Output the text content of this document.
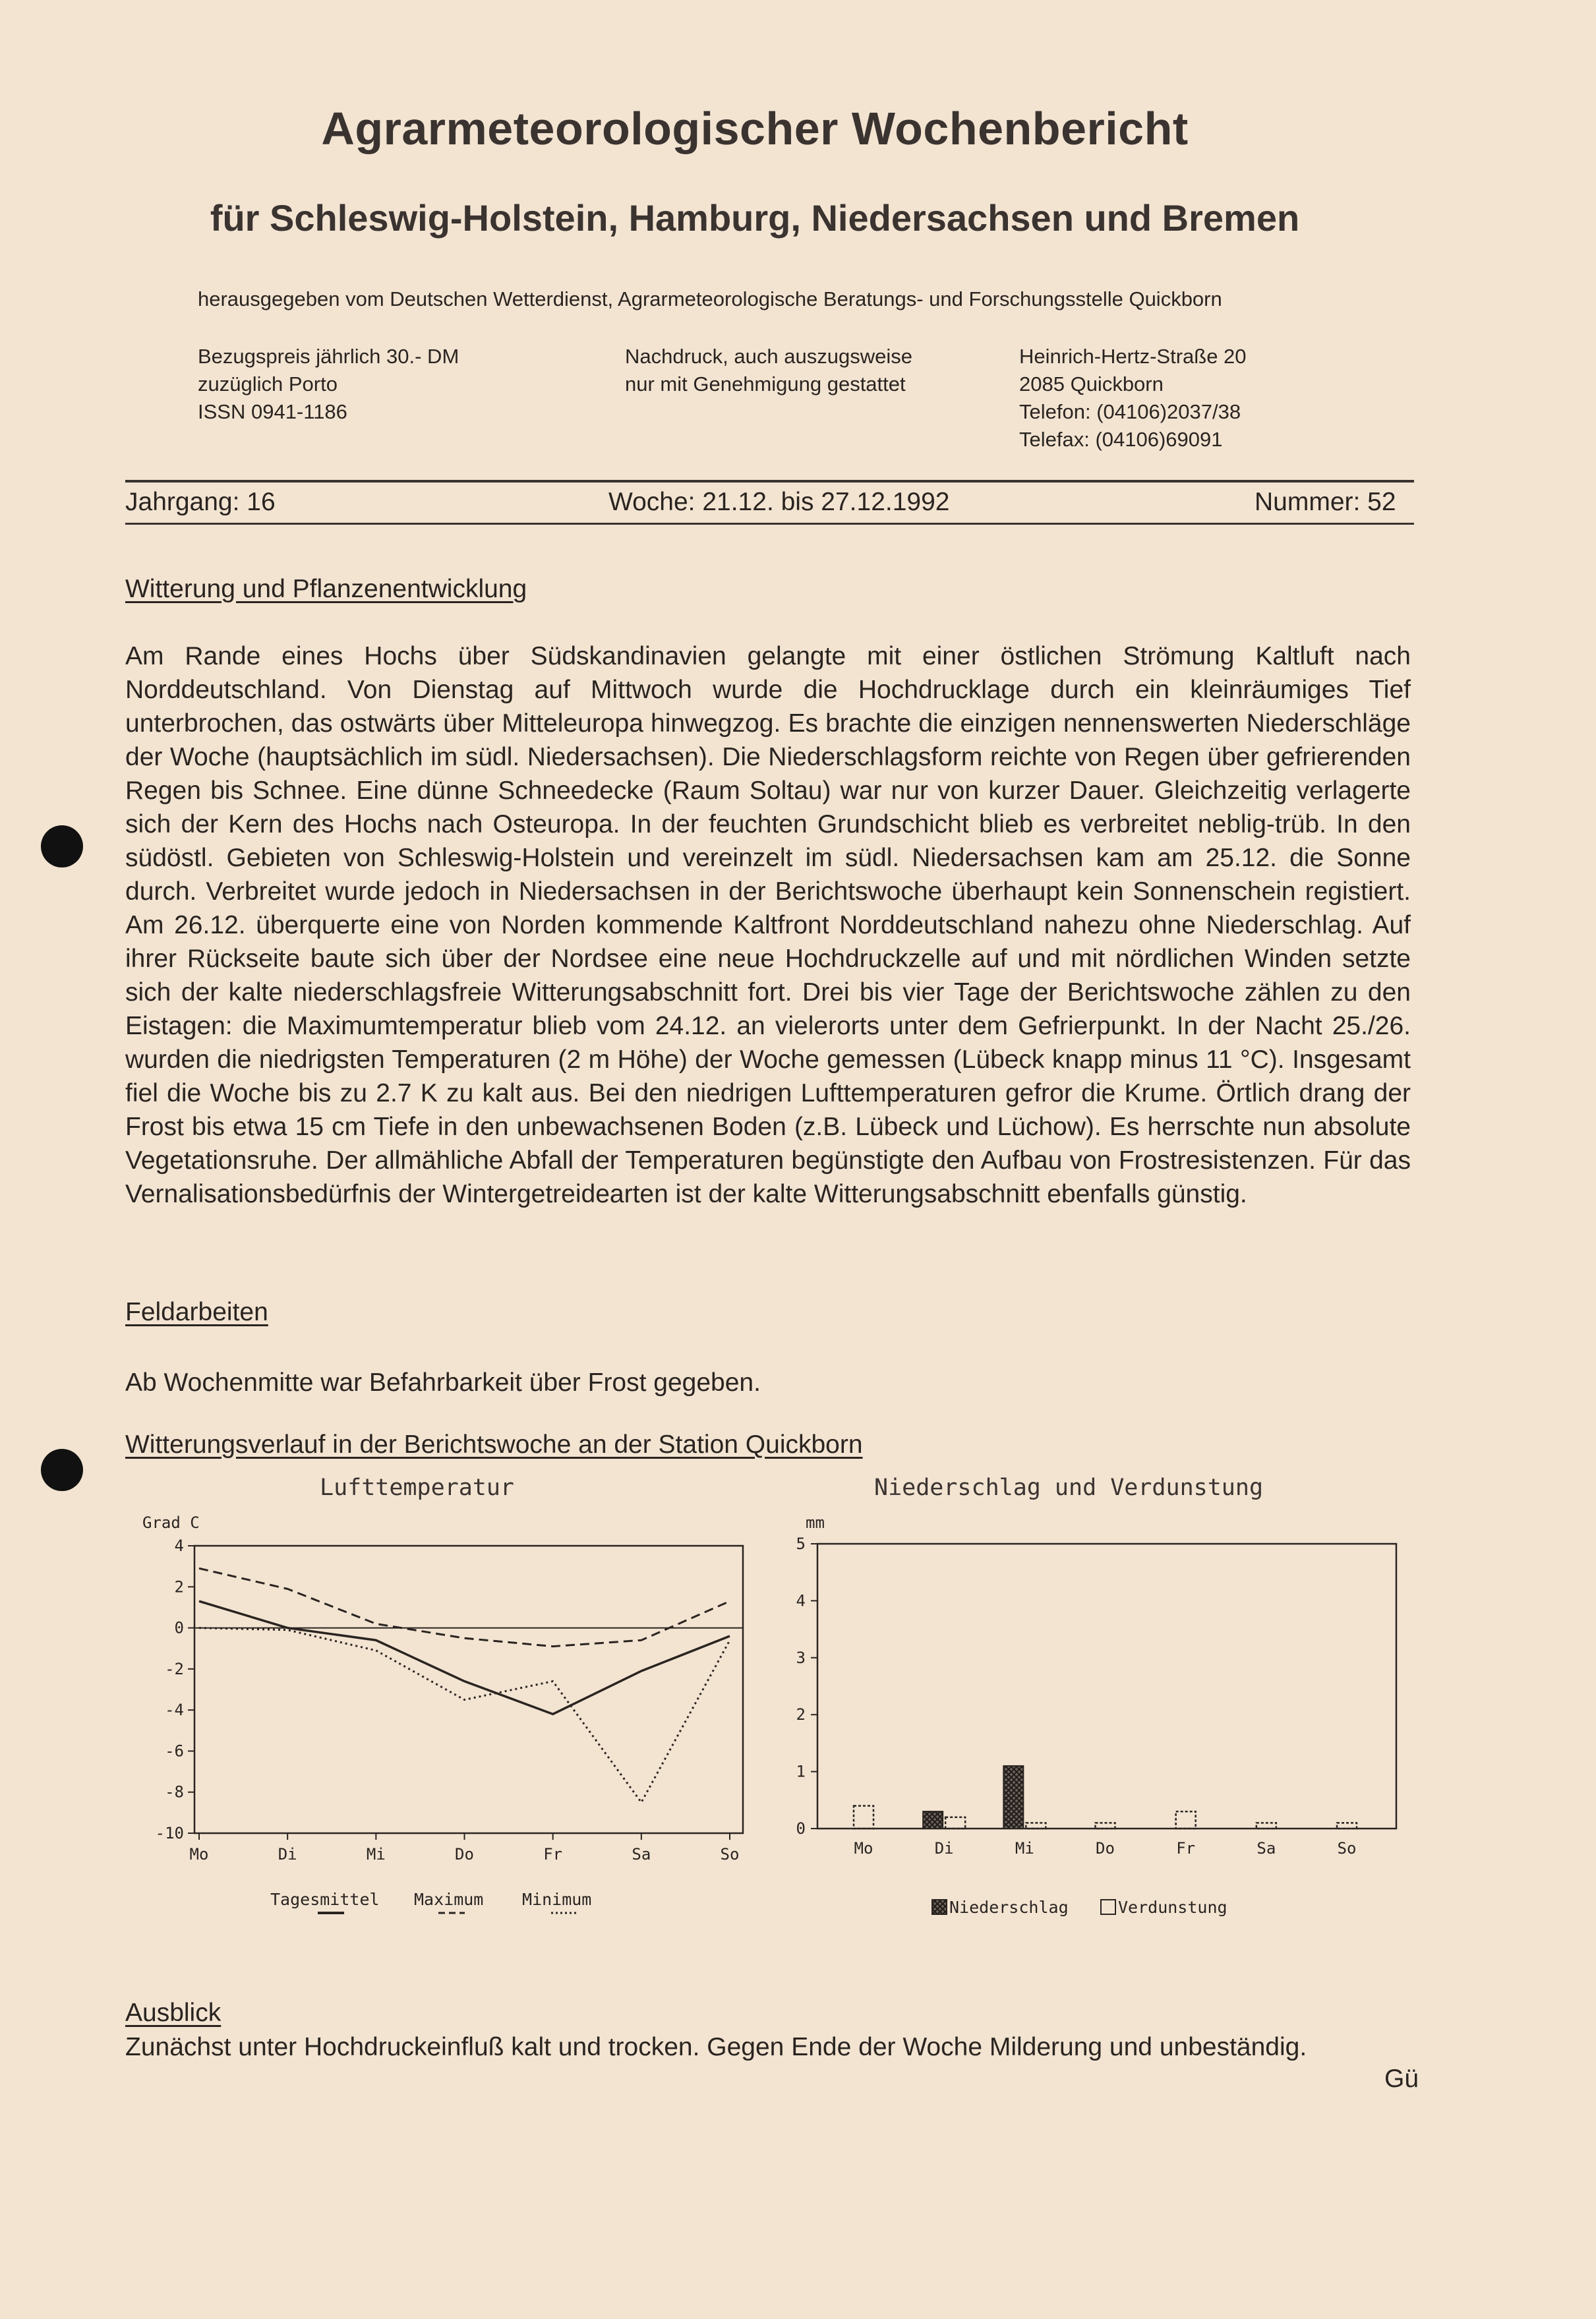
Agrarmeteorologischer Wochenbericht
für Schleswig-Holstein, Hamburg, Niedersachsen und Bremen
herausgegeben vom Deutschen Wetterdienst, Agrarmeteorologische Beratungs- und Forschungsstelle Quickborn
Bezugspreis jährlich 30.- DM
zuzüglich Porto
ISSN 0941-1186
Nachdruck, auch auszugsweise
nur mit Genehmigung gestattet
Heinrich-Hertz-Straße 20
2085 Quickborn
Telefon: (04106)2037/38
Telefax: (04106)69091
Jahrgang: 16	Woche: 21.12. bis 27.12.1992	Nummer: 52
Witterung und Pflanzenentwicklung
Am Rande eines Hochs über Südskandinavien gelangte mit einer östlichen Strömung Kaltluft nach Norddeutschland. Von Dienstag auf Mittwoch wurde die Hochdrucklage durch ein kleinräumiges Tief unterbrochen, das ostwärts über Mitteleuropa hinwegzog. Es brachte die einzigen nennenswerten Niederschläge der Woche (hauptsächlich im südl. Niedersachsen). Die Niederschlagsform reichte von Regen über gefrierenden Regen bis Schnee. Eine dünne Schneedecke (Raum Soltau) war nur von kurzer Dauer. Gleichzeitig verlagerte sich der Kern des Hochs nach Osteuropa. In der feuchten Grundschicht blieb es verbreitet neblig-trüb. In den südöstl. Gebieten von Schleswig-Holstein und vereinzelt im südl. Niedersachsen kam am 25.12. die Sonne durch. Verbreitet wurde jedoch in Niedersachsen in der Berichtswoche überhaupt kein Sonnenschein registiert. Am 26.12. überquerte eine von Norden kommende Kaltfront Norddeutschland nahezu ohne Niederschlag. Auf ihrer Rückseite baute sich über der Nordsee eine neue Hochdruckzelle auf und mit nördlichen Winden setzte sich der kalte niederschlagsfreie Witterungsabschnitt fort. Drei bis vier Tage der Berichtswoche zählen zu den Eistagen: die Maximumtemperatur blieb vom 24.12. an vielerorts unter dem Gefrierpunkt. In der Nacht 25./26. wurden die niedrigsten Temperaturen (2 m Höhe) der Woche gemessen (Lübeck knapp minus 11 °C). Insgesamt fiel die Woche bis zu 2.7 K zu kalt aus. Bei den niedrigen Lufttemperaturen gefror die Krume. Örtlich drang der Frost bis etwa 15 cm Tiefe in den unbewachsenen Boden (z.B. Lübeck und Lüchow). Es herrschte nun absolute Vegetationsruhe. Der allmähliche Abfall der Temperaturen begünstigte den Aufbau von Frostresistenzen. Für das Vernalisationsbedürfnis der Wintergetreidearten ist der kalte Witterungsabschnitt ebenfalls günstig.
Feldarbeiten
Ab Wochenmitte war Befahrbarkeit über Frost gegeben.
Witterungsverlauf in der Berichtswoche an der Station Quickborn
Lufttemperatur	Niederschlag und Verdunstung
Grad C
4
2
0
-2
-4
-6
-8
-10
Mo	Di	Mi	Do	Fr	Sa	So
Tagesmittel Maximum Minimum
mm
5
4
3
2
1
0
Mo	Di	Mi	Do	Fr	Sa	So
Niederschlag	Verdunstung
Ausblick
Zunächst unter Hochdruckeinfluß kalt und trocken. Gegen Ende der Woche Milderung und unbeständig.
Gü
